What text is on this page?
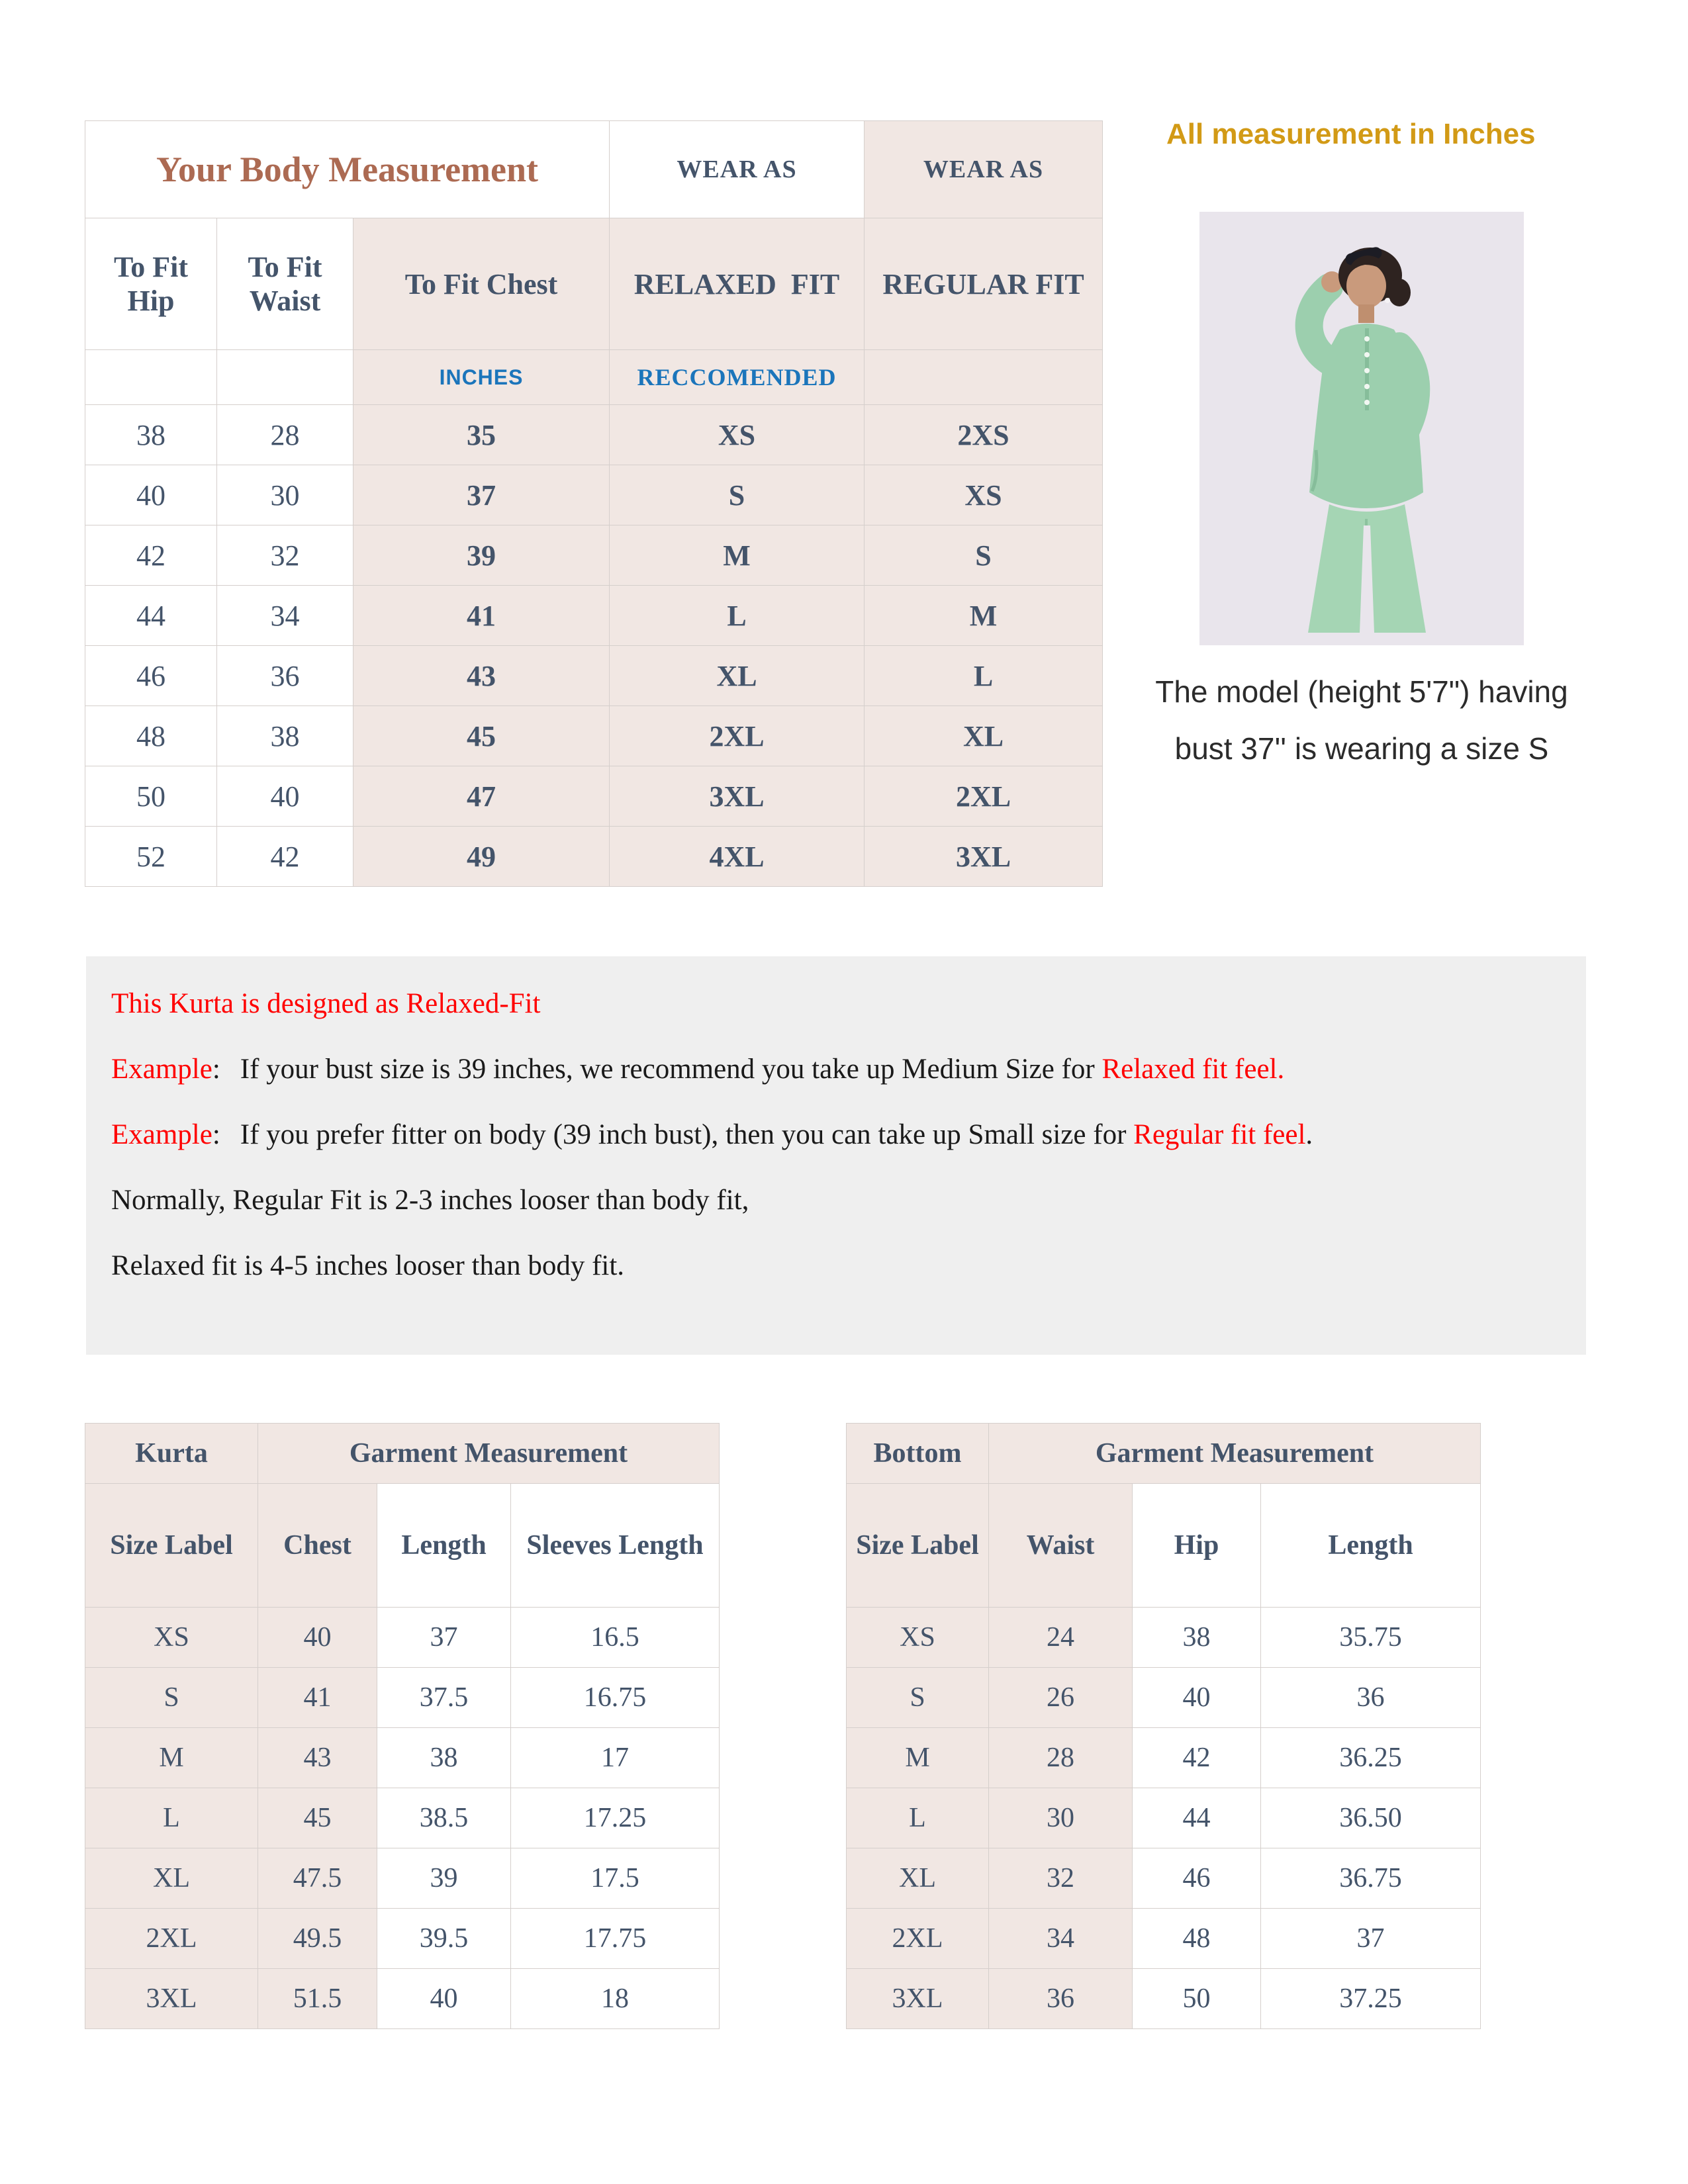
Your Body Measurement			WEAR AS	WEAR AS
To Fit Hip	To Fit Waist	To Fit Chest	RELAXED  FIT	REGULAR FIT
		INCHES	RECCOMENDED	
38	28	35	XS	2XS
40	30	37	S	XS
42	32	39	M	S
44	34	41	L	M
46	36	43	XL	L
48	38	45	2XL	XL
50	40	47	3XL	2XL
52	42	49	4XL	3XL
All measurement in Inches
The model (height 5'7") having
bust 37'' is wearing a size S

This Kurta is designed as Relaxed-Fit

Example: If your bust size is 39 inches, we recommend you take up Medium Size for Relaxed fit feel.

Example: If you prefer fitter on body (39 inch bust), then you can take up Small size for Regular fit feel.

Normally, Regular Fit is 2-3 inches looser than body fit,

Relaxed fit is 4-5 inches looser than body fit.

Kurta	Garment Measurement		
Size Label	Chest	Length	Sleeves Length
XS	40	37	16.5
S	41	37.5	16.75
M	43	38	17
L	45	38.5	17.25
XL	47.5	39	17.5
2XL	49.5	39.5	17.75
3XL	51.5	40	18
Bottom	Garment Measurement		
Size Label	Waist	Hip	Length
XS	24	38	35.75
S	26	40	36
M	28	42	36.25
L	30	44	36.50
XL	32	46	36.75
2XL	34	48	37
3XL	36	50	37.25
